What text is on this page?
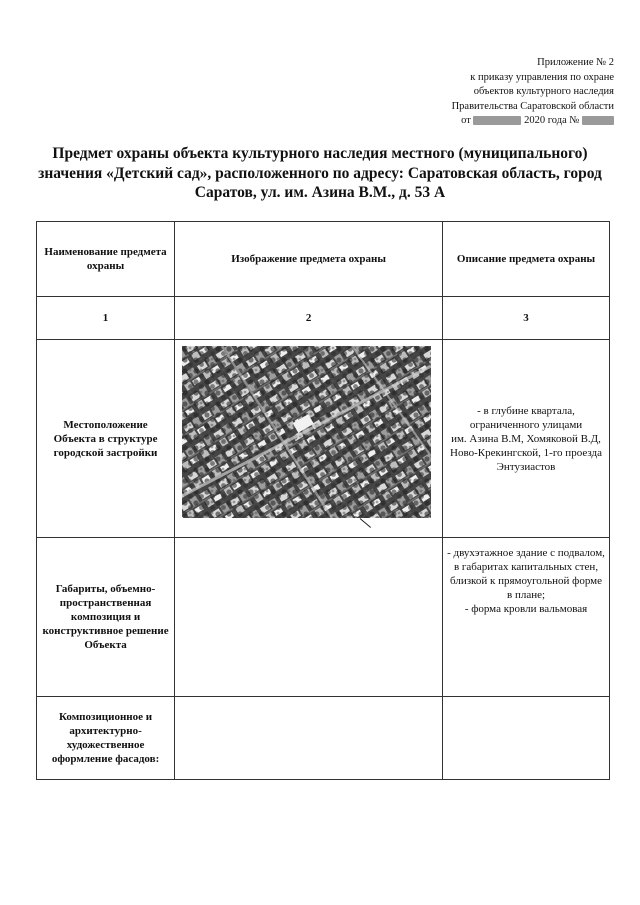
Приложение № 2
к приказу управления по охране
объектов культурного наследия
Правительства Саратовской области
от	2020 года №
Предмет охраны объекта культурного наследия местного (муниципального) значения «Детский сад», расположенного по адресу: Саратовская область, город Саратов, ул. им. Азина В.М., д. 53 А
Наименование предмета охраны	Изображение предмета охраны	Описание предмета охраны
1	2	3
Местоположение Объекта в структуре городской застройки		- в глубине квартала, ограниченного улицами
им. Азина В.М, Хомяковой В.Д, Ново-Крекингской, 1-го проезда Энтузиастов
Габариты, объемно-пространственная композиция и конструктивное решение Объекта		- двухэтажное здание с подвалом, в габаритах капитальных стен, близкой к прямоугольной форме в плане;
- форма кровли вальмовая
Композиционное и архитектурно-художественное оформление фасадов:		
